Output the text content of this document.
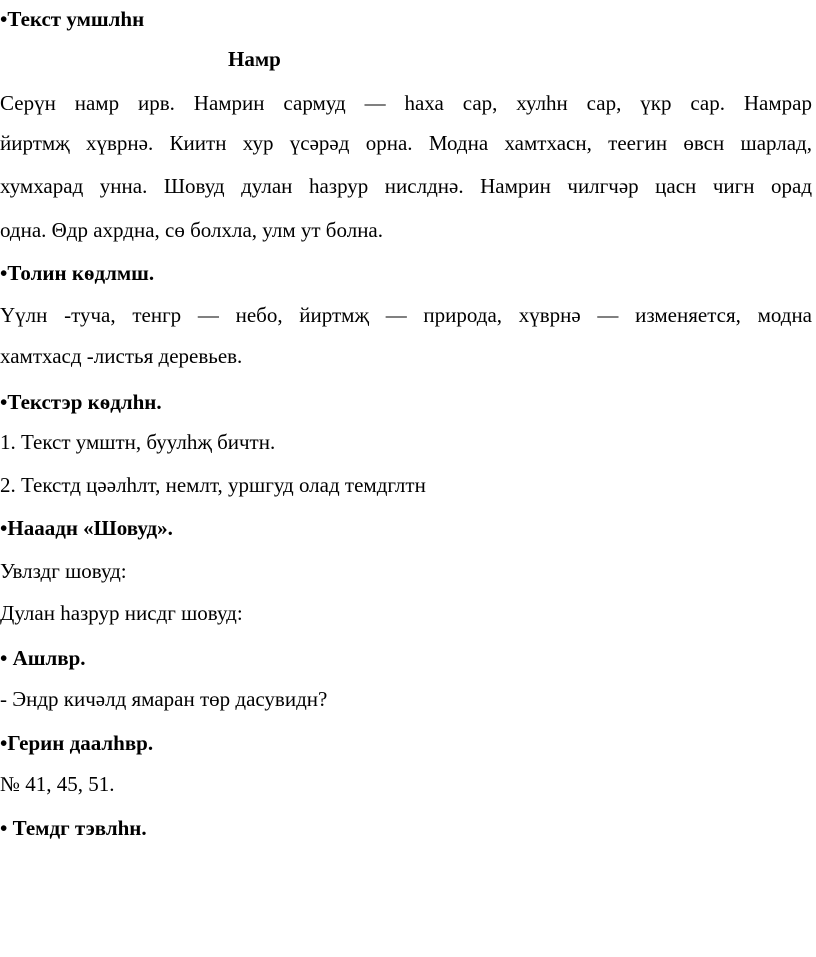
•Текст умшлhн
Намр
Серүн намр ирв. Намрин сармуд — hаха сар, хулhн сар, үкр сар. Намрар
йиртмҗ хүврнә. Киитн хур үсәрәд орна. Модна хамтхасн, теегин өвсн шарлад,
хумхарад унна. Шовуд дулан hазрур нислднә. Намрин чилгчәр цасн чигн орад
одна. Θдр ахрдна, сө болхла, улм ут болна.
•Толин кѳдлмш.
Үүлн -туча, тенгр — небо, йиртмҗ — природа, хүврнә — изменяется, модна
хамтхасд -листья деревьев.
•Текстэр кѳдлhн.
1. Текст умштн, буулhҗ бичтн.
2. Текстд цәәлhлт, немлт, уршгуд олад темдглтн
•Нааадн «Шовуд».
Увлздг шовуд:
Дулан hазрур нисдг шовуд:
• Ашлвр.
- Эндр кичәлд ямаран төр дасувидн?
•Герин даалhвр.
№ 41, 45, 51.
• Темдг тэвлhн.
